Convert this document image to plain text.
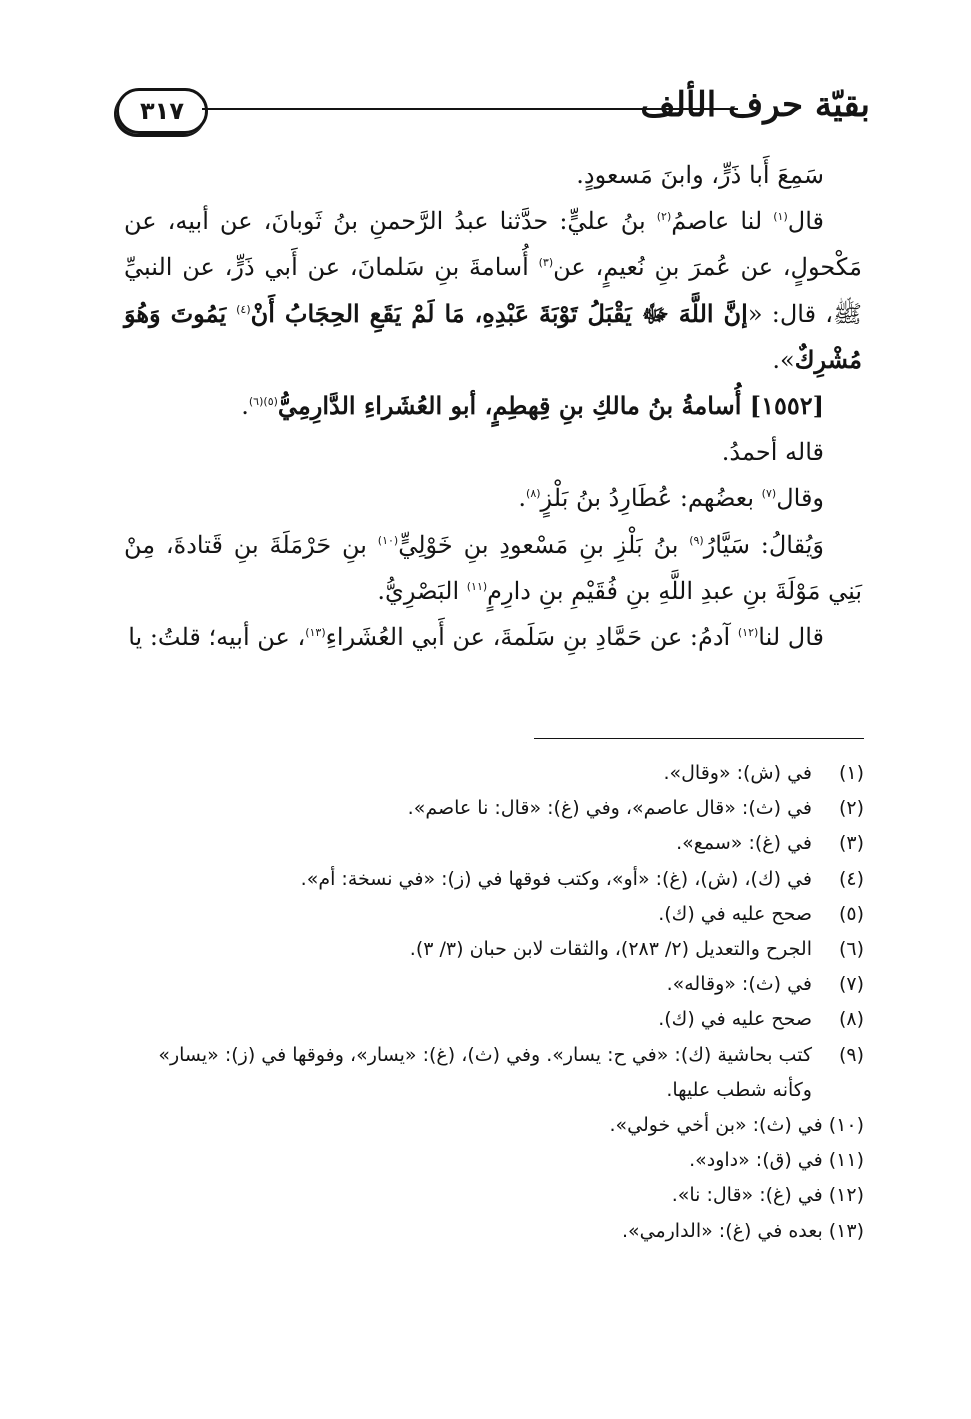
بقيّة حرف الألف
٣١٧

سَمِعَ أَبا ذَرٍّ، وابنَ مَسعودٍ.

قال$^{(١)}$ لنا عاصمُ$^{(٢)}$ بنُ عليٍّ: حدَّثنا عبدُ الرَّحمنِ بنُ ثَوبانَ، عن أبيه، عن مَكْحولٍ، عن عُمرَ بنِ نُعيمٍ، عن$^{(٣)}$ أُسامةَ بنِ سَلمانَ، عن أَبي ذَرٍّ، عن النبيِّ ﷺ، قال: «إنَّ اللَّهَ ﷻ يَقْبَلُ تَوْبَةَ عَبْدِهِ، مَا لَمْ يَقَعِ الحِجَابُ أَنْ$^{(٤)}$ يَمُوتَ وَهُوَ مُشْرِكٌ».

[١٥٥٢] أُسامةُ بنُ مالكِ بنِ قِهطِمٍ، أبو العُشَراءِ الدَّارِمِيُّ$^{(٥)(٦)}$.

قاله أحمدُ.

وقال$^{(٧)}$ بعضُهم: عُطَارِدُ بنُ بَلْزٍ$^{(٨)}$.

وَيُقالُ: سَيَّارُ$^{(٩)}$ بنُ بَلْزِ بنِ مَسْعودِ بنِ خَوْلِيٍّ$^{(١٠)}$ بنِ حَرْمَلَةَ بنِ قَتادةَ، مِنْ بَنِي مَوْلَةَ بنِ عبدِ اللَّهِ بنِ فُقَيْمِ بنِ دارِمٍ$^{(١١)}$ البَصْرِيُّ.

قال لنا$^{(١٢)}$ آدمُ: عن حَمَّادِ بنِ سَلَمةَ، عن أَبي العُشَراءِ$^{(١٣)}$، عن أبيه؛ قلتُ: يا

(١)
في (ش): «وقال».
(٢)
في (ث): «قال عاصم»، وفي (غ): «قال: نا عاصم».
(٣)
في (غ): «سمع».
(٤)
في (ك)، (ش)، (غ): «أو»، وكتب فوقها في (ز): «في نسخة: أم».
(٥)
صحح عليه في (ك).
(٦)
الجرح والتعديل (٢/ ٢٨٣)، والثقات لابن حبان (٣/ ٣).
(٧)
في (ث): «وقاله».
(٨)
صحح عليه في (ك).
(٩)
كتب بحاشية (ك): «في ح: يسار». وفي (ث)، (غ): «يسار»، وفوقها في (ز): «يسار» وكأنه شطب عليها.
(١٠)
في (ث): «بن أخي خولي».
(١١)
في (ق): «داود».
(١٢)
في (غ): «قال: نا».
(١٣)
بعده في (غ): «الدارمي».
